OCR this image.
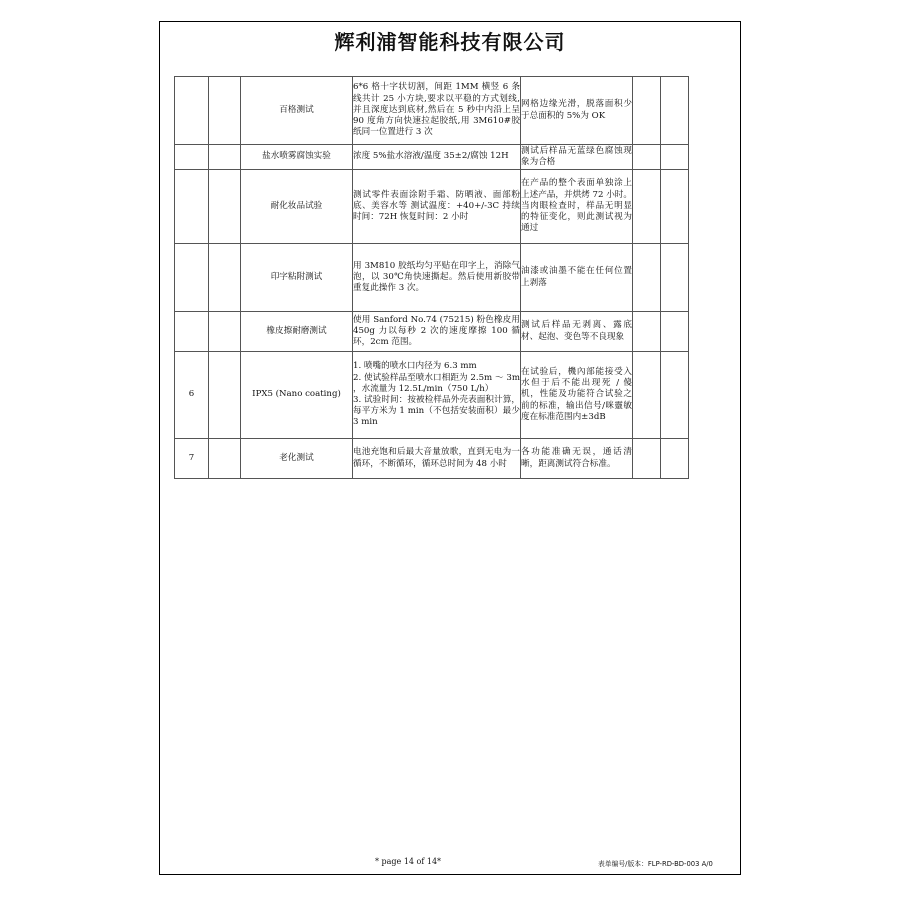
辉利浦智能科技有限公司
		百格测试	6*6 格十字状切割，间距 1MM 横竖 6 条线共计 25 小方块,要求以平稳的方式划线,并且深度达到底材,然后在 5 秒中内沿上呈 90 度角方向快速拉起胶纸,用 3M610#胶纸同一位置进行 3 次	网格边缘光滑，脱落面积少于总面积的 5%为 OK		
		盐水喷雾腐蚀实验	浓度 5%盐水溶液/温度 35±2/腐蚀 12H	测试后样品无蓝绿色腐蚀现象为合格		
		耐化妆品试验	测试零件表面涂附手霜、防晒液、面部粉底、美容水等 测试温度：+40+/-3C 持续时间：72H 恢复时间：2 小时	在产品的整个表面单独涂上上述产品，并烘烤 72 小时。当肉眼检查时，样品无明显的特征变化，则此测试视为通过		
		印字粘附测试	用 3M810 胶纸均匀平贴在印字上，消除气泡，以 30℃角快速撕起。然后使用新胶带重复此操作 3 次。	油漆或油墨不能在任何位置上剥落		
		橡皮擦耐磨测试	使用 Sanford No.74 (75215) 粉色橡皮用 450g 力以每秒 2 次的速度摩擦 100 循环，2cm 范围。	测试后样品无剥离、露底材、起泡、变色等不良现象		
6		IPX5 (Nano coating)	1. 喷嘴的喷水口内径为 6.3 mm
2. 使试验样品至喷水口相距为 2.5m ～ 3m ，水流量为 12.5L/min（750 L/h）
3. 试验时间：按被检样品外壳表面积计算，每平方米为 1 min（不包括安装面积）最少 3 min	在试验后，機內部能接受入水但于后不能出现死 / 傻机，性能及功能符合试验之前的标准，输出信号/咪靈敏度在标准范围内±3dB		
7		老化测试	电池充饱和后最大音量放歌，直到无电为一循环，不断循环，循环总时间为 48 小时	各功能准确无误，通话清晰，距离测试符合标准。		
* page 14 of 14*	表单编号/版本：FLP-RD-BD-003 A/0
